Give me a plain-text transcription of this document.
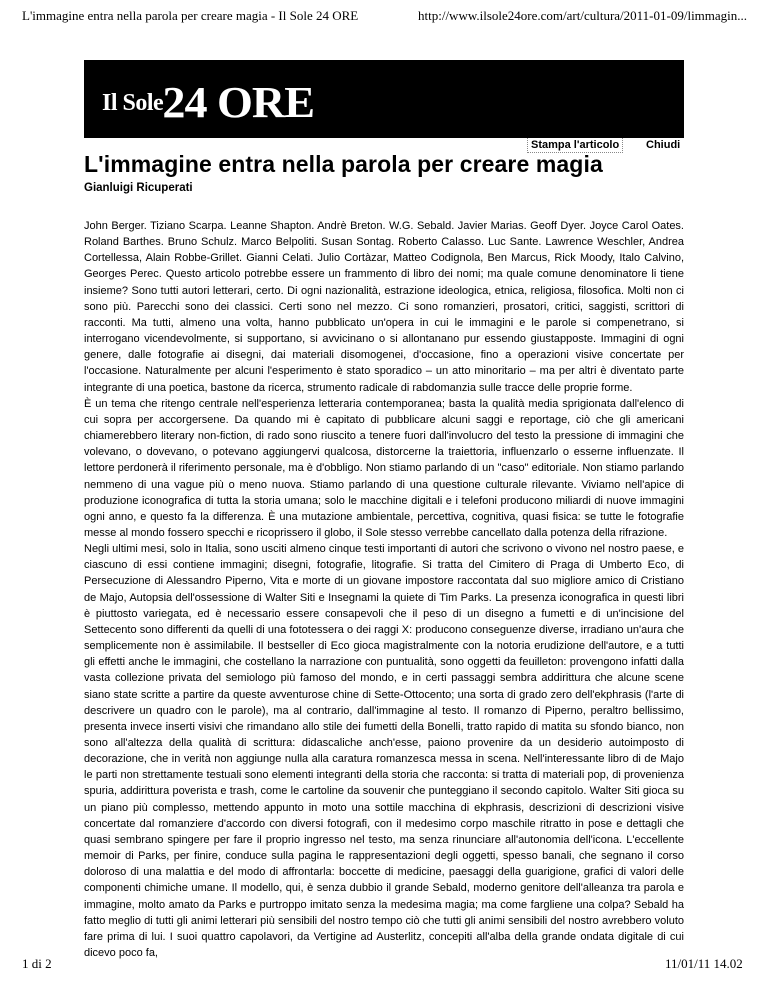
L'immagine entra nella parola per creare magia - Il Sole 24 ORE	http://www.ilsole24ore.com/art/cultura/2011-01-09/limmagin...
Il Sole24 ORE
Stampa l'articolo	Chiudi
L'immagine entra nella parola per creare magia
Gianluigi Ricuperati

John Berger. Tiziano Scarpa. Leanne Shapton. Andrè Breton. W.G. Sebald. Javier Marias. Geoff Dyer. Joyce Carol Oates. Roland Barthes. Bruno Schulz. Marco Belpoliti. Susan Sontag. Roberto Calasso. Luc Sante. Lawrence Weschler, Andrea Cortellessa, Alain Robbe-Grillet. Gianni Celati. Julio Cortàzar, Matteo Codignola, Ben Marcus, Rick Moody, Italo Calvino, Georges Perec. Questo articolo potrebbe essere un frammento di libro dei nomi; ma quale comune denominatore li tiene insieme? Sono tutti autori letterari, certo. Di ogni nazionalità, estrazione ideologica, etnica, religiosa, filosofica. Molti non ci sono più. Parecchi sono dei classici. Certi sono nel mezzo. Ci sono romanzieri, prosatori, critici, saggisti, scrittori di racconti. Ma tutti, almeno una volta, hanno pubblicato un'opera in cui le immagini e le parole si compenetrano, si interrogano vicendevolmente, si supportano, si avvicinano o si allontanano pur essendo giustapposte. Immagini di ogni genere, dalle fotografie ai disegni, dai materiali disomogenei, d'occasione, fino a operazioni visive concertate per l'occasione. Naturalmente per alcuni l'esperimento è stato sporadico – un atto minoritario – ma per altri è diventato parte integrante di una poetica, bastone da ricerca, strumento radicale di rabdomanzia sulle tracce delle proprie forme.

È un tema che ritengo centrale nell'esperienza letteraria contemporanea; basta la qualità media sprigionata dall'elenco di cui sopra per accorgersene. Da quando mi è capitato di pubblicare alcuni saggi e reportage, ciò che gli americani chiamerebbero literary non-fiction, di rado sono riuscito a tenere fuori dall'involucro del testo la pressione di immagini che volevano, o dovevano, o potevano aggiungervi qualcosa, distorcerne la traiettoria, influenzarlo o esserne influenzate. Il lettore perdonerà il riferimento personale, ma è d'obbligo. Non stiamo parlando di un "caso" editoriale. Non stiamo parlando nemmeno di una vague più o meno nuova. Stiamo parlando di una questione culturale rilevante. Viviamo nell'apice di produzione iconografica di tutta la storia umana; solo le macchine digitali e i telefoni producono miliardi di nuove immagini ogni anno, e questo fa la differenza. È una mutazione ambientale, percettiva, cognitiva, quasi fisica: se tutte le fotografie messe al mondo fossero specchi e ricoprissero il globo, il Sole stesso verrebbe cancellato dalla potenza della rifrazione.

Negli ultimi mesi, solo in Italia, sono usciti almeno cinque testi importanti di autori che scrivono o vivono nel nostro paese, e ciascuno di essi contiene immagini; disegni, fotografie, litografie. Si tratta del Cimitero di Praga di Umberto Eco, di Persecuzione di Alessandro Piperno, Vita e morte di un giovane impostore raccontata dal suo migliore amico di Cristiano de Majo, Autopsia dell'ossessione di Walter Siti e Insegnami la quiete di Tim Parks. La presenza iconografica in questi libri è piuttosto variegata, ed è necessario essere consapevoli che il peso di un disegno a fumetti e di un'incisione del Settecento sono differenti da quelli di una fototessera o dei raggi X: producono conseguenze diverse, irradiano un'aura che semplicemente non è assimilabile. Il bestseller di Eco gioca magistralmente con la notoria erudizione dell'autore, e a tutti gli effetti anche le immagini, che costellano la narrazione con puntualità, sono oggetti da feuilleton: provengono infatti dalla vasta collezione privata del semiologo più famoso del mondo, e in certi passaggi sembra addirittura che alcune scene siano state scritte a partire da queste avventurose chine di Sette-Ottocento; una sorta di grado zero dell'ekphrasis (l'arte di descrivere un quadro con le parole), ma al contrario, dall'immagine al testo. Il romanzo di Piperno, peraltro bellissimo, presenta invece inserti visivi che rimandano allo stile dei fumetti della Bonelli, tratto rapido di matita su sfondo bianco, non sono all'altezza della qualità di scrittura: didascaliche anch'esse, paiono provenire da un desiderio autoimposto di decorazione, che in verità non aggiunge nulla alla caratura romanzesca messa in scena. Nell'interessante libro di de Majo le parti non strettamente testuali sono elementi integranti della storia che racconta: si tratta di materiali pop, di provenienza spuria, addirittura poverista e trash, come le cartoline da souvenir che punteggiano il secondo capitolo. Walter Siti gioca su un piano più complesso, mettendo appunto in moto una sottile macchina di ekphrasis, descrizioni di descrizioni visive concertate dal romanziere d'accordo con diversi fotografi, con il medesimo corpo maschile ritratto in pose e dettagli che quasi sembrano spingere per fare il proprio ingresso nel testo, ma senza rinunciare all'autonomia dell'icona. L'eccellente memoir di Parks, per finire, conduce sulla pagina le rappresentazioni degli oggetti, spesso banali, che segnano il corso doloroso di una malattia e del modo di affrontarla: boccette di medicine, paesaggi della guarigione, grafici di valori delle componenti chimiche umane. Il modello, qui, è senza dubbio il grande Sebald, moderno genitore dell'alleanza tra parola e immagine, molto amato da Parks e purtroppo imitato senza la medesima magia; ma come fargliene una colpa? Sebald ha fatto meglio di tutti gli animi letterari più sensibili del nostro tempo ciò che tutti gli animi sensibili del nostro avrebbero voluto fare prima di lui. I suoi quattro capolavori, da Vertigine ad Austerlitz, concepiti all'alba della grande ondata digitale di cui dicevo poco fa,

1 di 2	11/01/11 14.02
